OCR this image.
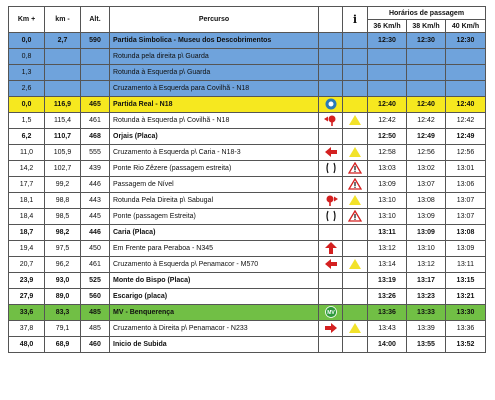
Km +	km -	Alt.	Percurso		i	Horários de passagem		
						36 Km/h	38 Km/h	40 Km/h
0,0	2,7	590	Partida Simbolica - Museu dos Descobrimentos			12:30	12:30	12:30
0,8			Rotunda pela direita p\ Guarda					
1,3			Rotunda à Esquerda p\ Guarda					
2,6			Cruzamento à Esquerda para Covilhã - N18					
0,0	116,9	465	Partida Real - N18			12:40	12:40	12:40
1,5	115,4	461	Rotunda à Esquerda p\ Covilhã - N18			12:42	12:42	12:42
6,2	110,7	468	Orjais (Placa)			12:50	12:49	12:49
11,0	105,9	555	Cruzamento à Esquerda p\ Caria - N18-3			12:58	12:56	12:56
14,2	102,7	439	Ponte Rio Zêzere (passagem estreita)			13:03	13:02	13:01
17,7	99,2	446	Passagem de Nível			13:09	13:07	13:06
18,1	98,8	443	Rotunda Pela Direita p\ Sabugal			13:10	13:08	13:07
18,4	98,5	445	Ponte (passagem Estreita)			13:10	13:09	13:07
18,7	98,2	446	Caria (Placa)			13:11	13:09	13:08
19,4	97,5	450	Em Frente para Peraboa - N345			13:12	13:10	13:09
20,7	96,2	461	Cruzamento à Esquerda p\ Penamacor - M570			13:14	13:12	13:11
23,9	93,0	525	Monte do Bispo (Placa)			13:19	13:17	13:15
27,9	89,0	560	Escarigo (placa)			13:26	13:23	13:21
33,6	83,3	485	MV - Benquerença	MV		13:36	13:33	13:30
37,8	79,1	485	Cruzamento à Direita p\ Penamacor - N233			13:43	13:39	13:36
48,0	68,9	460	Inicio de Subida			14:00	13:55	13:52
